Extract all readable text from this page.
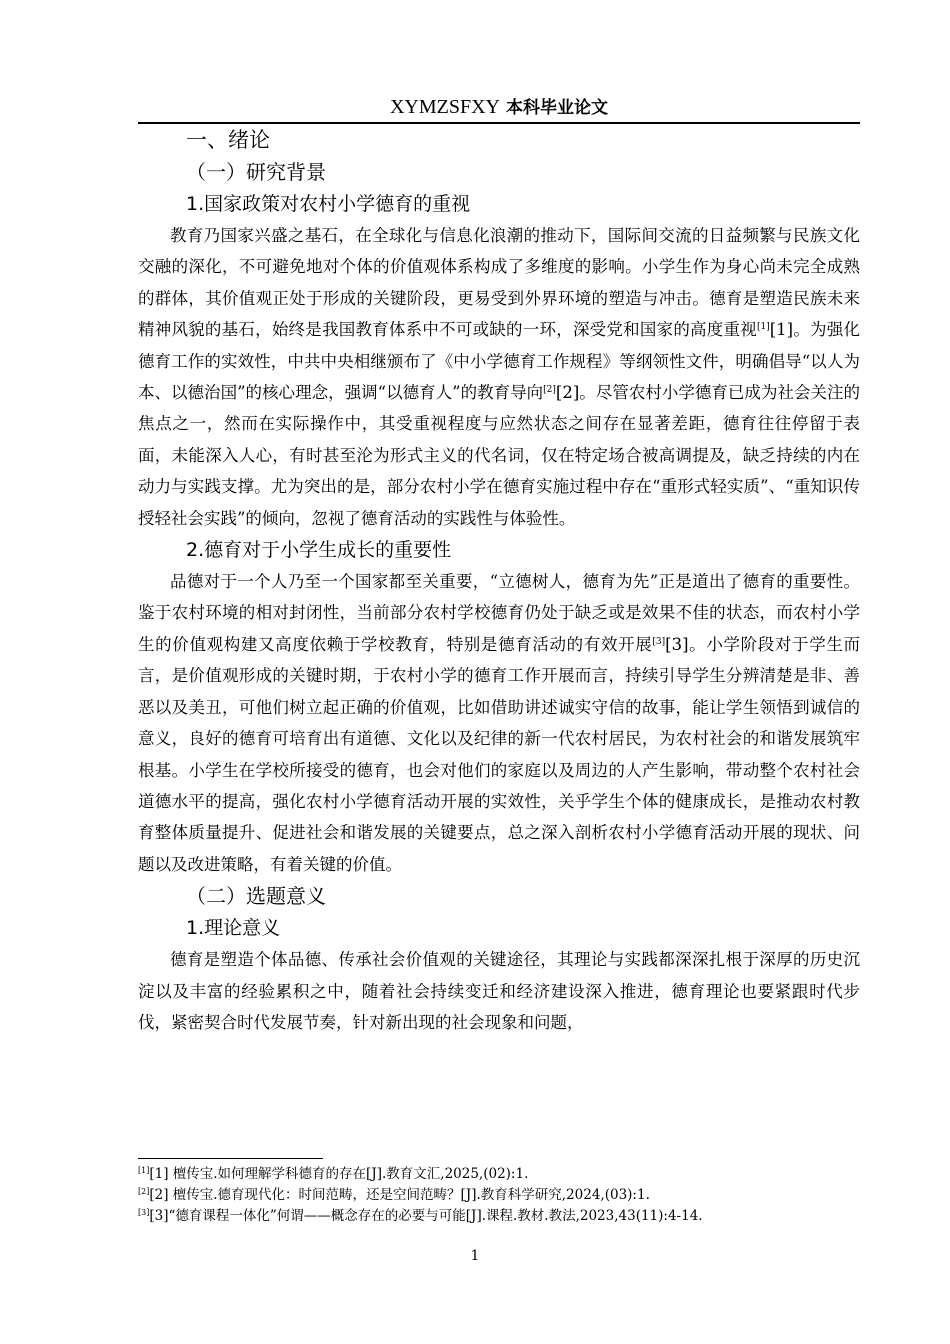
XYMZSFXY 本科毕业论文
一、绪论
（一）研究背景
1.国家政策对农村小学德育的重视

教育乃国家兴盛之基石，在全球化与信息化浪潮的推动下，国际间交流的日益频繁与民族文化交融的深化，不可避免地对个体的价值观体系构成了多维度的影响。小学生作为身心尚未完全成熟的群体，其价值观正处于形成的关键阶段，更易受到外界环境的塑造与冲击。德育是塑造民族未来精神风貌的基石，始终是我国教育体系中不可或缺的一环，深受党和国家的高度重视[1][1]。为强化德育工作的实效性，中共中央相继颁布了《中小学德育工作规程》等纲领性文件，明确倡导“以人为本、以德治国”的核心理念，强调“以德育人”的教育导向[2][2]。尽管农村小学德育已成为社会关注的焦点之一，然而在实际操作中，其受重视程度与应然状态之间存在显著差距，德育往往停留于表面，未能深入人心，有时甚至沦为形式主义的代名词，仅在特定场合被高调提及，缺乏持续的内在动力与实践支撑。尤为突出的是，部分农村小学在德育实施过程中存在“重形式轻实质”、“重知识传授轻社会实践”的倾向，忽视了德育活动的实践性与体验性。

2.德育对于小学生成长的重要性

品德对于一个人乃至一个国家都至关重要，“立德树人，德育为先”正是道出了德育的重要性。鉴于农村环境的相对封闭性，当前部分农村学校德育仍处于缺乏或是效果不佳的状态，而农村小学生的价值观构建又高度依赖于学校教育，特别是德育活动的有效开展[3][3]。小学阶段对于学生而言，是价值观形成的关键时期，于农村小学的德育工作开展而言，持续引导学生分辨清楚是非、善恶以及美丑，可他们树立起正确的价值观，比如借助讲述诚实守信的故事，能让学生领悟到诚信的意义，良好的德育可培育出有道德、文化以及纪律的新一代农村居民，为农村社会的和谐发展筑牢根基。小学生在学校所接受的德育，也会对他们的家庭以及周边的人产生影响，带动整个农村社会道德水平的提高，强化农村小学德育活动开展的实效性，关乎学生个体的健康成长，是推动农村教育整体质量提升、促进社会和谐发展的关键要点，总之深入剖析农村小学德育活动开展的现状、问题以及改进策略，有着关键的价值。

（二）选题意义
1.理论意义

德育是塑造个体品德、传承社会价值观的关键途径，其理论与实践都深深扎根于深厚的历史沉淀以及丰富的经验累积之中，随着社会持续变迁和经济建设深入推进，德育理论也要紧跟时代步伐，紧密契合时代发展节奏，针对新出现的社会现象和问题，

[1][1] 檀传宝.如何理解学科德育的存在[J].教育文汇,2025,(02):1.
[2][2] 檀传宝.德育现代化：时间范畴，还是空间范畴？[J].教育科学研究,2024,(03):1.
[3][3]“德育课程一体化”何谓——概念存在的必要与可能[J].课程.教材.教法,2023,43(11):4-14.
1
